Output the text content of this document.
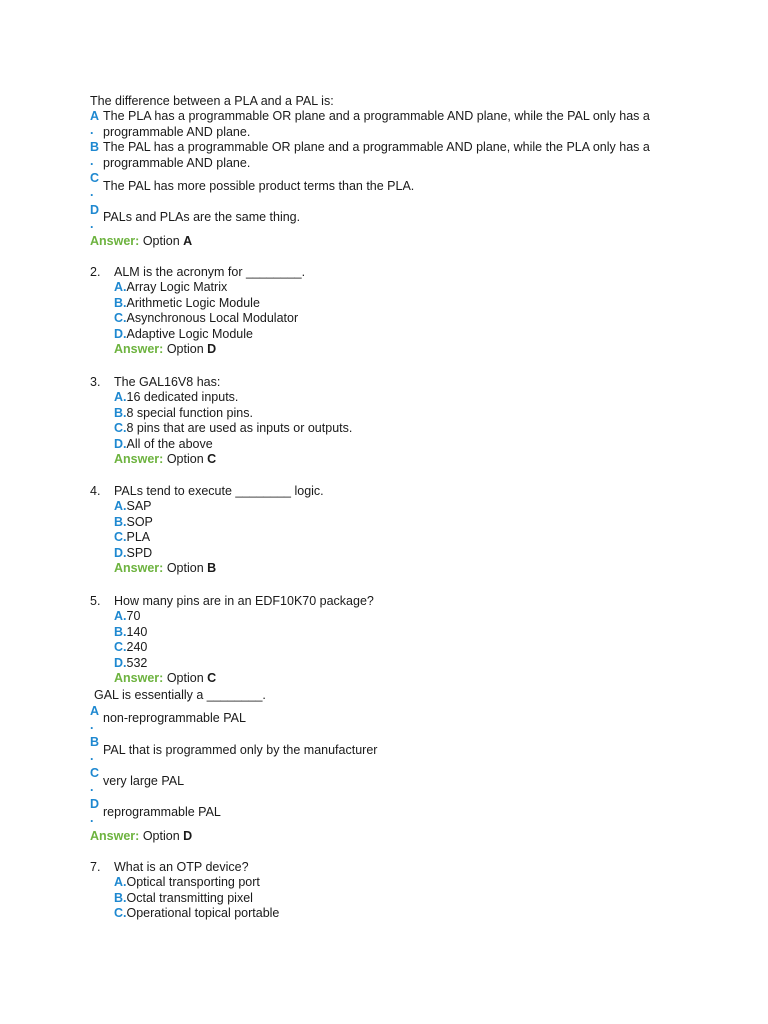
The difference between a PLA and a PAL is:
A
.
The PLA has a programmable OR plane and a programmable AND plane, while the PAL only has a programmable AND plane.
B
.
The PAL has a programmable OR plane and a programmable AND plane, while the PLA only has a programmable AND plane.
C
. The PAL has more possible product terms than the PLA.
D
. PALs and PLAs are the same thing.
Answer: Option A
2. ALM is the acronym for ________.
A.Array Logic Matrix
B.Arithmetic Logic Module
C.Asynchronous Local Modulator
D.Adaptive Logic Module
Answer: Option D
3. The GAL16V8 has:
A.16 dedicated inputs.
B.8 special function pins.
C.8 pins that are used as inputs or outputs.
D.All of the above
Answer: Option C
4. PALs tend to execute ________ logic.
A.SAP
B.SOP
C.PLA
D.SPD
Answer: Option B
5. How many pins are in an EDF10K70 package?
A.70
B.140
C.240
D.532
Answer: Option C
GAL is essentially a ________.
A
. non-reprogrammable PAL
B
. PAL that is programmed only by the manufacturer
C
. very large PAL
D
. reprogrammable PAL
Answer: Option D
7. What is an OTP device?
A.Optical transporting port
B.Octal transmitting pixel
C.Operational topical portable
